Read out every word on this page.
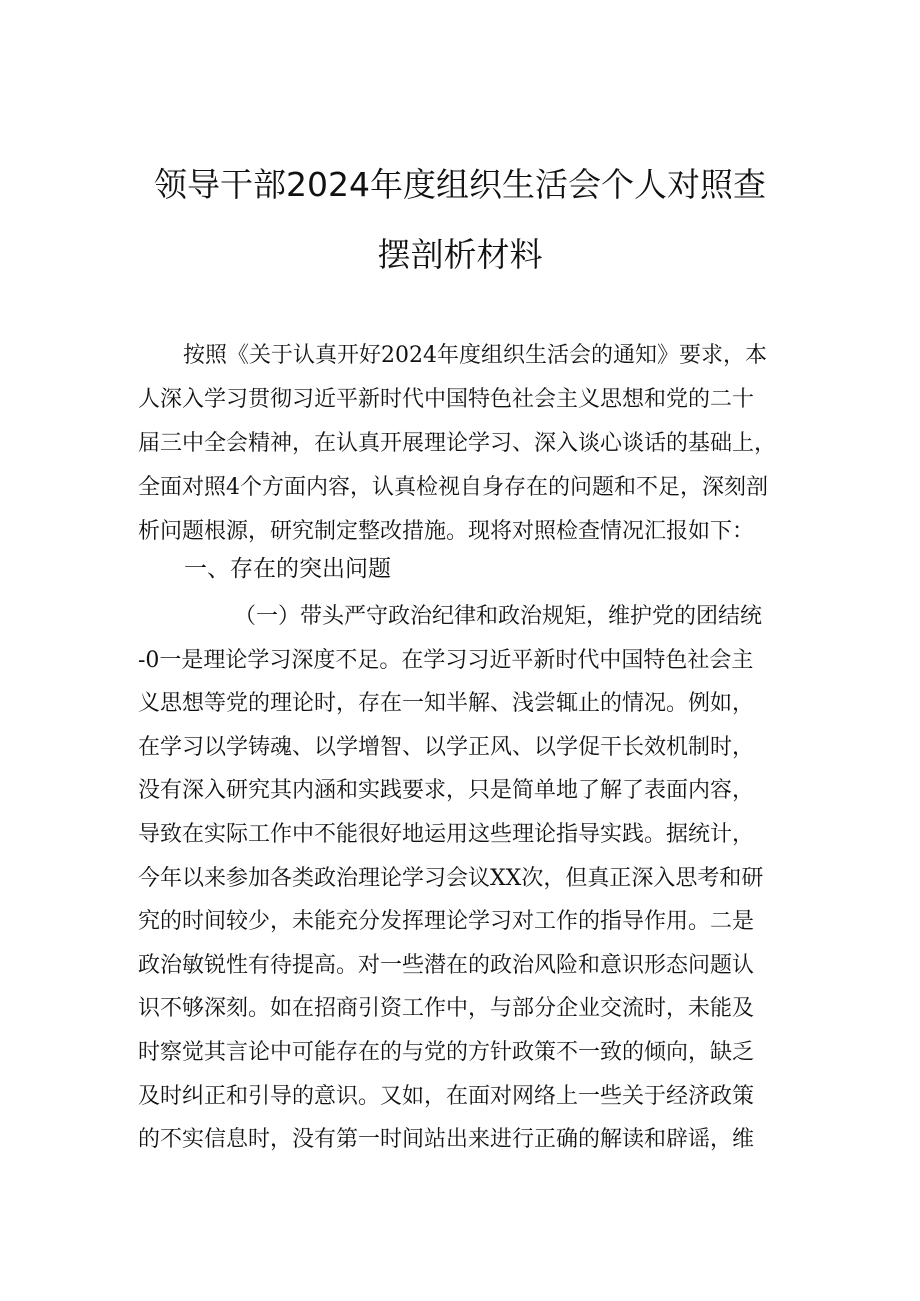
领导干部2024年度组织生活会个人对照查
摆剖析材料
按照《关于认真开好2024年度组织生活会的通知》要求，本
人深入学习贯彻习近平新时代中国特色社会主义思想和党的二十
届三中全会精神，在认真开展理论学习、深入谈心谈话的基础上，
全面对照4个方面内容，认真检视自身存在的问题和不足，深刻剖
析问题根源，研究制定整改措施。现将对照检查情况汇报如下：
一、存在的突出问题
（一）带头严守政治纪律和政治规矩，维护党的团结统
-0一是理论学习深度不足。在学习习近平新时代中国特色社会主
义思想等党的理论时，存在一知半解、浅尝辄止的情况。例如，
在学习以学铸魂、以学增智、以学正风、以学促干长效机制时，
没有深入研究其内涵和实践要求，只是简单地了解了表面内容，
导致在实际工作中不能很好地运用这些理论指导实践。据统计，
今年以来参加各类政治理论学习会议XX次，但真正深入思考和研
究的时间较少，未能充分发挥理论学习对工作的指导作用。二是
政治敏锐性有待提高。对一些潜在的政治风险和意识形态问题认
识不够深刻。如在招商引资工作中，与部分企业交流时，未能及
时察觉其言论中可能存在的与党的方针政策不一致的倾向，缺乏
及时纠正和引导的意识。又如，在面对网络上一些关于经济政策
的不实信息时，没有第一时间站出来进行正确的解读和辟谣，维
